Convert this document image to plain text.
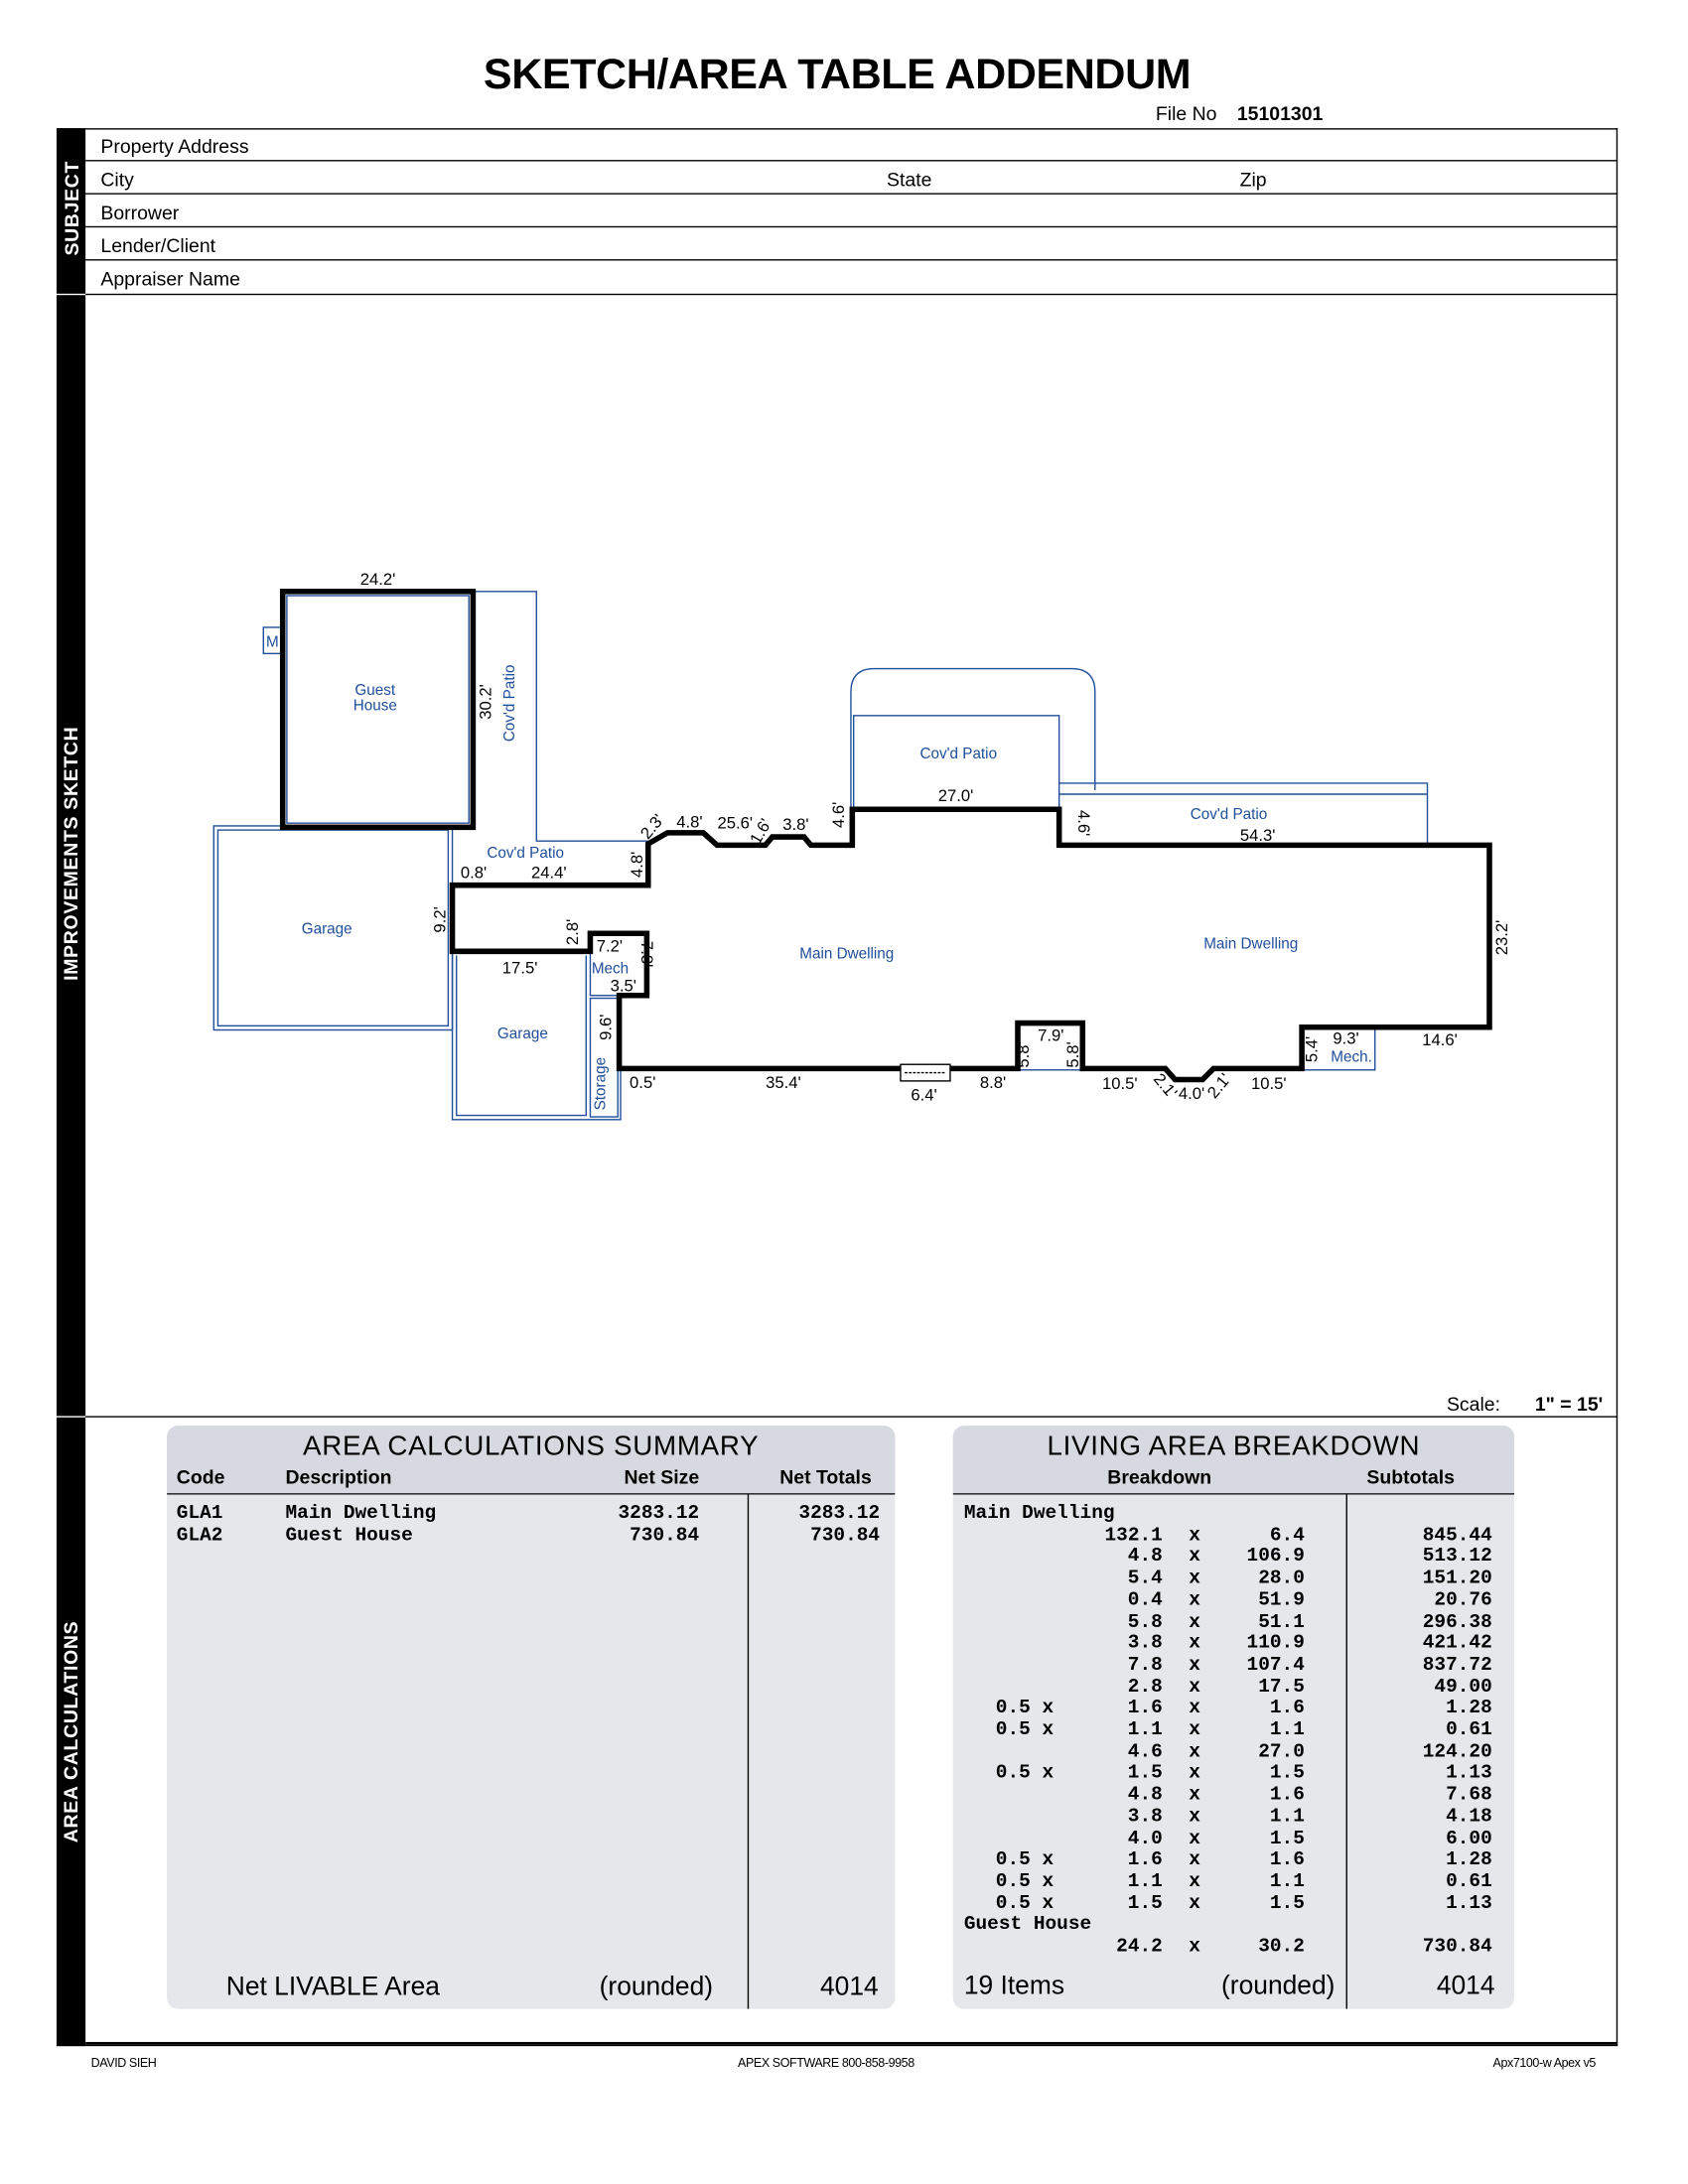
SKETCH/AREA TABLE ADDENDUM
File No 15101301
SUBJECT
IMPROVEMENTS SKETCH
AREA CALCULATIONS
Property Address
City	State	Zip
Borrower
Lender/Client
Appraiser Name
Guest
House
Garage
Garage
Cov'd Patio
Cov'd Patio
Cov'd Patio
Cov'd Patio
Main Dwelling
Main Dwelling
Mech
Mech.
Storage
M
24.2'
30.2'
0.8'	24.4'	4.8'
2.3' 4.8' 25.6'
1.6' 3.8' 4.6'
27.0'
4.6'	54.3'
23.2'
14.6'
9.3'
5.4'
10.5' 2.1'
4.0'
2.1' 10.5'
7.9'
5.8'	5.8'
8.8'
6.4'
35.4'
0.5'
9.6'
9.2'
17.5'
2.8'
7.2' 7.8'
3.5'
Scale: 1" = 15'
AREA CALCULATIONS SUMMARY
Code	Description	Net Size	Net Totals
GLA1	Main Dwelling	3283.12	3283.12
GLA2	Guest House	730.84	730.84
Net LIVABLE Area	(rounded)	4014
LIVING AREA BREAKDOWN
Breakdown	Subtotals
Main Dwelling
132.1 x	6.4	845.44
4.8 x	106.9	513.12
5.4 x	28.0	151.20
0.4 x	51.9	20.76
5.8 x	51.1	296.38
3.8 x	110.9	421.42
7.8 x	107.4	837.72
2.8 x	17.5	49.00
0.5 x	1.6 x	1.6	1.28
0.5 x	1.1 x	1.1	0.61
4.6 x	27.0	124.20
0.5 x	1.5 x	1.5	1.13
4.8 x	1.6	7.68
3.8 x	1.1	4.18
4.0 x	1.5	6.00
0.5 x	1.6 x	1.6	1.28
0.5 x	1.1 x	1.1	0.61
0.5 x	1.5 x	1.5	1.13
Guest House
24.2 x	30.2	730.84
19 Items	(rounded)	4014
DAVID SIEH	APEX SOFTWARE 800-858-9958	Apx7100-w Apex v5
